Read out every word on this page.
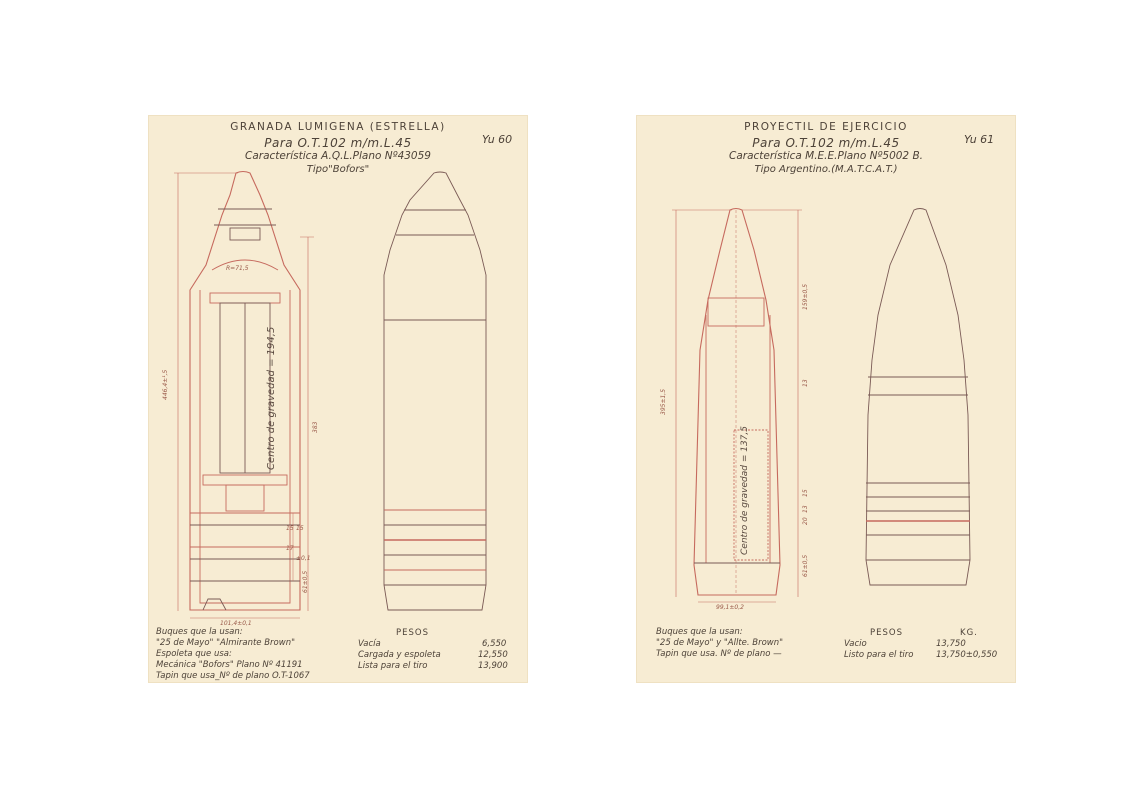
GRANADA LUMIGENA (ESTRELLA)
Para O.T.102 m/m.L.45
Característica A.Q.L.Plano Nº43059
Tipo"Bofors"
Yu 60
446,4±¹,5
383
101,4±0,1
R=71,5
15
17
15
±0,1
61±0,5
Centro de gravedad = 194,5
Buques que la usan:
"25 de Mayo" "Almirante Brown"
Espoleta que usa:
Mecánica "Bofors" Plano Nº 41191
Tapin que usa_Nº de plano O.T-1067
PESOS
Vacía	6,550
Cargada y espoleta	12,550
Lista para el tiro	13,900
PROYECTIL DE EJERCICIO
Para O.T.102 m/m.L.45
Característica M.E.E.Plano Nº5002 B.
Tipo Argentino.(M.A.T.C.A.T.)
Yu 61
395±1,5
159±0,5
13
15
13
20
61±0,5
99,1±0,2
Centro de gravedad = 137,5
Buques que la usan:
"25 de Mayo" y "Allte. Brown"
Tapin que usa. Nº de plano —
PESOS	KG.
Vacio	13,750
Listo para el tiro	13,750±0,550
